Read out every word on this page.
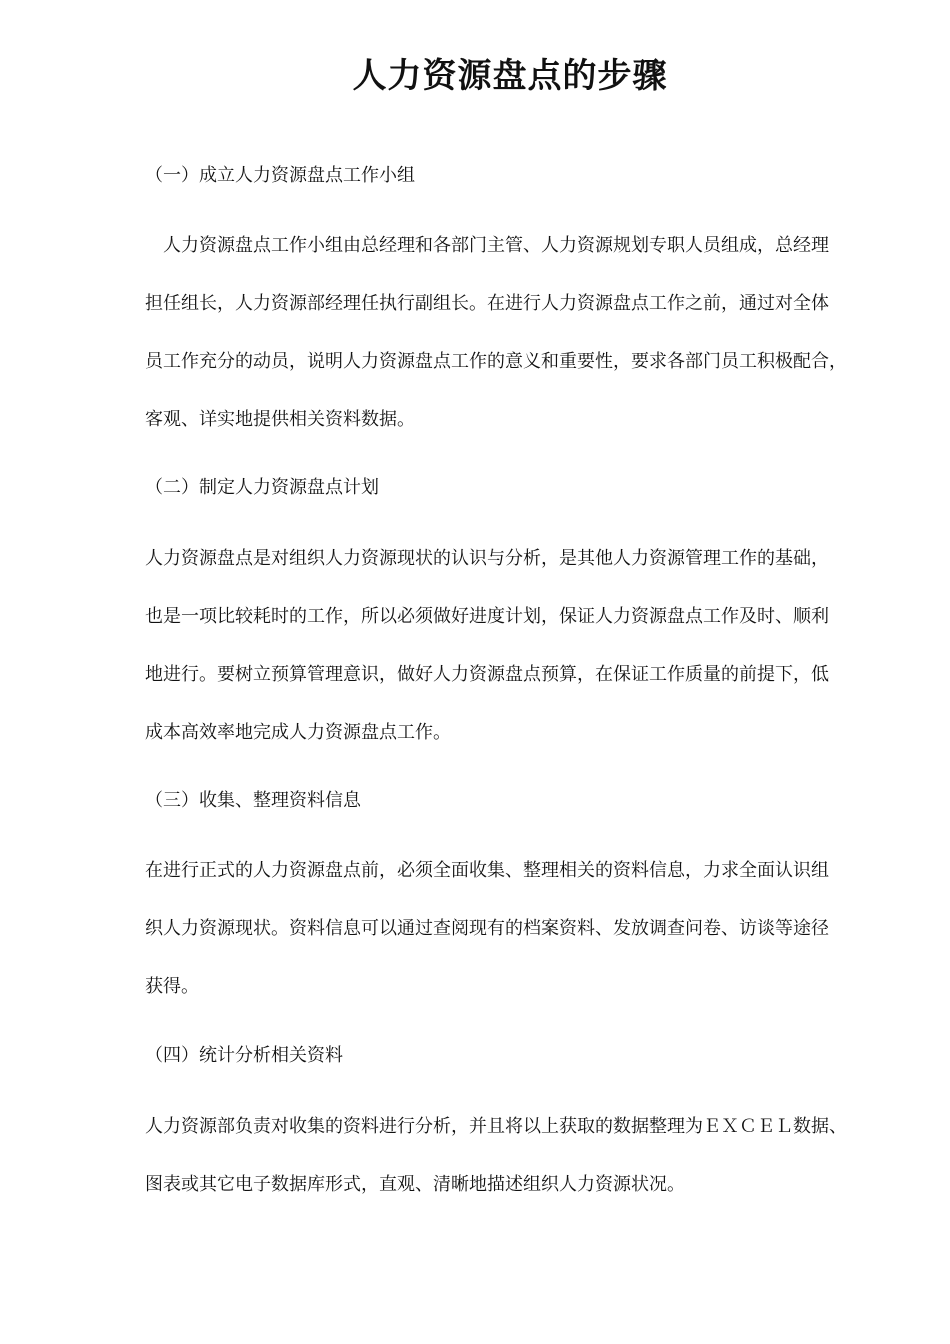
人力资源盘点的步骤
（一）成立人力资源盘点工作小组
人力资源盘点工作小组由总经理和各部门主管、人力资源规划专职人员组成，总经理
担任组长，人力资源部经理任执行副组长。在进行人力资源盘点工作之前，通过对全体
员工作充分的动员，说明人力资源盘点工作的意义和重要性，要求各部门员工积极配合，
客观、详实地提供相关资料数据。
（二）制定人力资源盘点计划
人力资源盘点是对组织人力资源现状的认识与分析，是其他人力资源管理工作的基础，
也是一项比较耗时的工作，所以必须做好进度计划，保证人力资源盘点工作及时、顺利
地进行。要树立预算管理意识，做好人力资源盘点预算，在保证工作质量的前提下，低
成本高效率地完成人力资源盘点工作。
（三）收集、整理资料信息
在进行正式的人力资源盘点前，必须全面收集、整理相关的资料信息，力求全面认识组
织人力资源现状。资料信息可以通过查阅现有的档案资料、发放调查问卷、访谈等途径
获得。
（四）统计分析相关资料
人力资源部负责对收集的资料进行分析，并且将以上获取的数据整理为ＥＸＣＥＬ数据、
图表或其它电子数据库形式，直观、清晰地描述组织人力资源状况。
